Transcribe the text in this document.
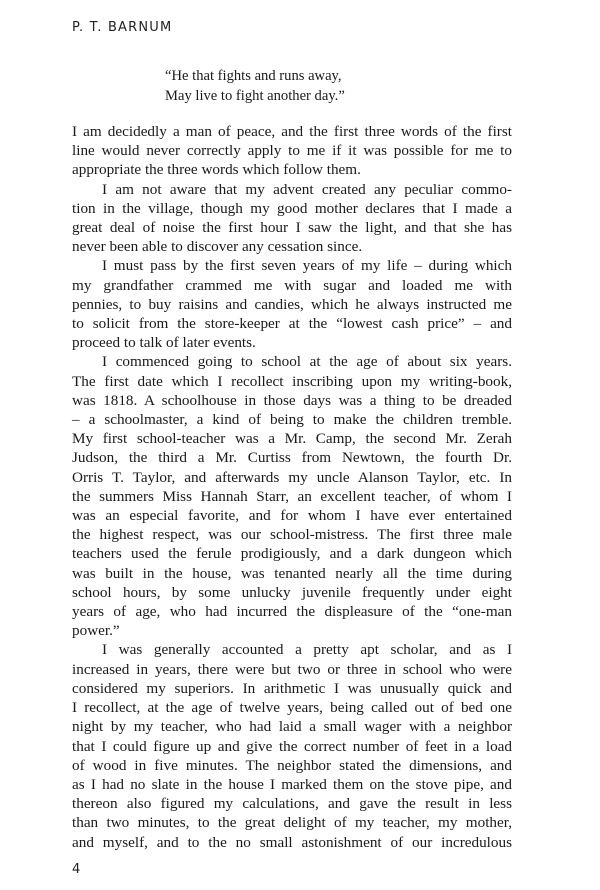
P. T. BARNUM
“He that fights and runs away,
May live to fight another day.”
I am decidedly a man of peace, and the first three words of the first
line would never correctly apply to me if it was possible for me to
appropriate the three words which follow them.
I am not aware that my advent created any peculiar commo-
tion in the village, though my good mother declares that I made a
great deal of noise the first hour I saw the light, and that she has
never been able to discover any cessation since.
I must pass by the first seven years of my life – during which
my grandfather crammed me with sugar and loaded me with
pennies, to buy raisins and candies, which he always instructed me
to solicit from the store-keeper at the “lowest cash price” – and
proceed to talk of later events.
I commenced going to school at the age of about six years.
The first date which I recollect inscribing upon my writing-book,
was 1818. A schoolhouse in those days was a thing to be dreaded
– a schoolmaster, a kind of being to make the children tremble.
My first school-teacher was a Mr. Camp, the second Mr. Zerah
Judson, the third a Mr. Curtiss from Newtown, the fourth Dr.
Orris T. Taylor, and afterwards my uncle Alanson Taylor, etc. In
the summers Miss Hannah Starr, an excellent teacher, of whom I
was an especial favorite, and for whom I have ever entertained
the highest respect, was our school-mistress. The first three male
teachers used the ferule prodigiously, and a dark dungeon which
was built in the house, was tenanted nearly all the time during
school hours, by some unlucky juvenile frequently under eight
years of age, who had incurred the displeasure of the “one-man
power.”
I was generally accounted a pretty apt scholar, and as I
increased in years, there were but two or three in school who were
considered my superiors. In arithmetic I was unusually quick and
I recollect, at the age of twelve years, being called out of bed one
night by my teacher, who had laid a small wager with a neighbor
that I could figure up and give the correct number of feet in a load
of wood in five minutes. The neighbor stated the dimensions, and
as I had no slate in the house I marked them on the stove pipe, and
thereon also figured my calculations, and gave the result in less
than two minutes, to the great delight of my teacher, my mother,
and myself, and to the no small astonishment of our incredulous
4
